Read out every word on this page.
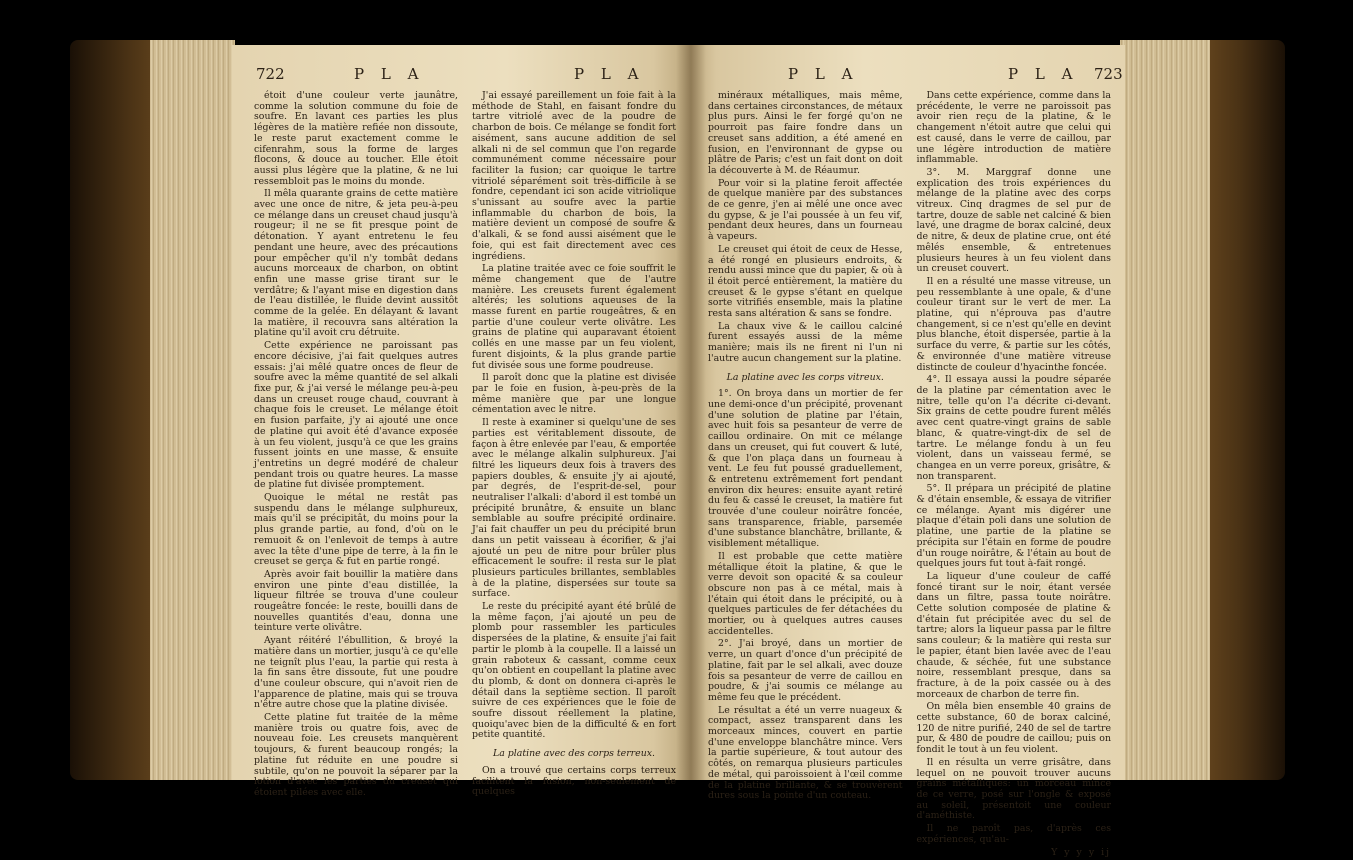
722	P L A	P L A

étoit d'une couleur verte jaunâtre, comme la solution commune du foie de soufre. En lavant ces parties les plus légères de la matière refiée non dissoute, le reste parut exactement comme le cifenrahm, sous la forme de larges flocons, & douce au toucher. Elle étoit aussi plus légère que la platine, & ne lui ressembloit pas le moins du monde.

Il mêla quarante grains de cette matière avec une once de nitre, & jeta peu-à-peu ce mélange dans un creuset chaud jusqu'à rougeur; il ne se fit presque point de détonation. Y ayant entretenu le feu pendant une heure, avec des précautions pour empêcher qu'il n'y tombât dedans aucuns morceaux de charbon, on obtint enfin une masse grise tirant sur le verdâtre; & l'ayant mise en digestion dans de l'eau distillée, le fluide devint aussitôt comme de la gelée. En délayant & lavant la matière, il recouvra sans altération la platine qu'il avoit cru détruite.

Cette expérience ne paroissant pas encore décisive, j'ai fait quelques autres essais: j'ai mêlé quatre onces de fleur de soufre avec la même quantité de sel alkali fixe pur, & j'ai versé le mélange peu-à-peu dans un creuset rouge chaud, couvrant à chaque fois le creuset. Le mélange étoit en fusion parfaite, j'y ai ajouté une once de platine qui avoit été d'avance exposée à un feu violent, jusqu'à ce que les grains fussent joints en une masse, & ensuite j'entretins un degré modéré de chaleur pendant trois ou quatre heures. La masse de platine fut divisée promptement.

Quoique le métal ne restât pas suspendu dans le mélange sulphureux, mais qu'il se précipitât, du moins pour la plus grande partie, au fond, d'où on le remuoit & on l'enlevoit de temps à autre avec la tête d'une pipe de terre, à la fin le creuset se gerça & fut en partie rongé.

Après avoir fait bouillir la matière dans environ une pinte d'eau distillée, la liqueur filtrée se trouva d'une couleur rougeâtre foncée: le reste, bouilli dans de nouvelles quantités d'eau, donna une teinture verte olivâtre.

Ayant réitéré l'ébullition, & broyé la matière dans un mortier, jusqu'à ce qu'elle ne teignît plus l'eau, la partie qui resta à la fin sans être dissoute, fut une poudre d'une couleur obscure, qui n'avoit rien de l'apparence de platine, mais qui se trouva n'être autre chose que la platine divisée.

Cette platine fut traitée de la même manière trois ou quatre fois, avec de nouveau foie. Les creusets manquèrent toujours, & furent beaucoup rongés; la platine fut réduite en une poudre si subtile, qu'on ne pouvoit la séparer par la lotion d'avec les parties du creuset qui étoient pilées avec elle.

J'ai essayé pareillement un foie fait à la méthode de Stahl, en faisant fondre du tartre vitriolé avec de la poudre de charbon de bois. Ce mélange se fondit fort aisément, sans aucune addition de sel alkali ni de sel commun que l'on regarde communément comme nécessaire pour faciliter la fusion; car quoique le tartre vitriolé séparément soit très-difficile à se fondre, cependant ici son acide vitriolique s'unissant au soufre avec la partie inflammable du charbon de bois, la matière devient un composé de soufre & d'alkali, & se fond aussi aisément que le foie, qui est fait directement avec ces ingrédiens.

La platine traitée avec ce foie souffrit le même changement que de l'autre manière. Les creusets furent également altérés; les solutions aqueuses de la masse furent en partie rougeâtres, & en partie d'une couleur verte olivâtre. Les grains de platine qui auparavant étoient collés en une masse par un feu violent, furent disjoints, & la plus grande partie fut divisée sous une forme poudreuse.

Il paroît donc que la platine est divisée par le foie en fusion, à-peu-près de la même manière que par une longue cémentation avec le nitre.

Il reste à examiner si quelqu'une de ses parties est véritablement dissoute, de façon à être enlevée par l'eau, & emportée avec le mélange alkalin sulphureux. J'ai filtré les liqueurs deux fois à travers des papiers doubles, & ensuite j'y ai ajouté, par degrés, de l'esprit-de-sel, pour neutraliser l'alkali: d'abord il est tombé un précipité brunâtre, & ensuite un blanc semblable au soufre précipité ordinaire. J'ai fait chauffer un peu du précipité brun dans un petit vaisseau à écorifier, & j'ai ajouté un peu de nitre pour brûler plus efficacement le soufre: il resta sur le plat plusieurs particules brillantes, semblables à de la platine, dispersées sur toute sa surface.

Le reste du précipité ayant été brûlé de la même façon, j'ai ajouté un peu de plomb pour rassembler les particules dispersées de la platine, & ensuite j'ai fait partir le plomb à la coupelle. Il a laissé un grain raboteux & cassant, comme ceux qu'on obtient en coupellant la platine avec du plomb, & dont on donnera ci-après le détail dans la septième section. Il paroît suivre de ces expériences que le foie de soufre dissout réellement la platine, quoiqu'avec bien de la difficulté & en fort petite quantité.

La platine avec des corps terreux.

On a trouvé que certains corps terreux facilitent la fusion, non-seulement de quelques

P L A	P L A 723

minéraux métalliques, mais même, dans certaines circonstances, de métaux plus purs. Ainsi le fer forgé qu'on ne pourroit pas faire fondre dans un creuset sans addition, a été amené en fusion, en l'environnant de gypse ou plâtre de Paris; c'est un fait dont on doit la découverte à M. de Réaumur.

Pour voir si la platine feroit affectée de quelque manière par des substances de ce genre, j'en ai mêlé une once avec du gypse, & je l'ai poussée à un feu vif, pendant deux heures, dans un fourneau à vapeurs.

Le creuset qui étoit de ceux de Hesse, a été rongé en plusieurs endroits, & rendu aussi mince que du papier, & où à il étoit percé entièrement, la matière du creuset & le gypse s'étant en quelque sorte vitrifiés ensemble, mais la platine resta sans altération & sans se fondre.

La chaux vive & le caillou calciné furent essayés aussi de la même manière; mais ils ne firent ni l'un ni l'autre aucun changement sur la platine.

La platine avec les corps vitreux.

1°. On broya dans un mortier de fer une demi-once d'un précipité, provenant d'une solution de platine par l'étain, avec huit fois sa pesanteur de verre de caillou ordinaire. On mit ce mélange dans un creuset, qui fut couvert & luté, & que l'on plaça dans un fourneau à vent. Le feu fut poussé graduellement, & entretenu extrêmement fort pendant environ dix heures: ensuite ayant retiré du feu & cassé le creuset, la matière fut trouvée d'une couleur noirâtre foncée, sans transparence, friable, parsemée d'une substance blanchâtre, brillante, & visiblement métallique.

Il est probable que cette matière métallique étoit la platine, & que le verre devoit son opacité & sa couleur obscure non pas à ce métal, mais à l'étain qui étoit dans le précipité, ou à quelques particules de fer détachées du mortier, ou à quelques autres causes accidentelles.

2°. J'ai broyé, dans un mortier de verre, un quart d'once d'un précipité de platine, fait par le sel alkali, avec douze fois sa pesanteur de verre de caillou en poudre, & j'ai soumis ce mélange au même feu que le précédent.

Le résultat a été un verre nuageux & compact, assez transparent dans les morceaux minces, couvert en partie d'une enveloppe blanchâtre mince. Vers la partie supérieure, & tout autour des côtés, on remarqua plusieurs particules de métal, qui paroissoient à l'œil comme de la platine brillante, & se trouvèrent dures sous la pointe d'un couteau.

Dans cette expérience, comme dans la précédente, le verre ne paroissoit pas avoir rien reçu de la platine, & le changement n'étoit autre que celui qui est causé, dans le verre de caillou, par une légère introduction de matière inflammable.

3°. M. Marggraf donne une explication des trois expériences du mélange de la platine avec des corps vitreux. Cinq dragmes de sel pur de tartre, douze de sable net calciné & bien lavé, une dragme de borax calciné, deux de nitre, & deux de platine crue, ont été mêlés ensemble, & entretenues plusieurs heures à un feu violent dans un creuset couvert.

Il en a résulté une masse vitreuse, un peu ressemblante à une opale, & d'une couleur tirant sur le vert de mer. La platine, qui n'éprouva pas d'autre changement, si ce n'est qu'elle en devint plus blanche, étoit dispersée, partie à la surface du verre, & partie sur les côtés, & environnée d'une matière vitreuse distincte de couleur d'hyacinthe foncée.

4°. Il essaya aussi la poudre séparée de la platine par cémentation avec le nitre, telle qu'on l'a décrite ci-devant. Six grains de cette poudre furent mêlés avec cent quatre-vingt grains de sable blanc, & quatre-vingt-dix de sel de tartre. Le mélange fondu à un feu violent, dans un vaisseau fermé, se changea en un verre poreux, grisâtre, & non transparent.

5°. Il prépara un précipité de platine & d'étain ensemble, & essaya de vitrifier ce mélange. Ayant mis digérer une plaque d'étain poli dans une solution de platine, une partie de la platine se précipita sur l'étain en forme de poudre d'un rouge noirâtre, & l'étain au bout de quelques jours fut tout à-fait rongé.

La liqueur d'une couleur de caffé foncé tirant sur le noir, étant versée dans un filtre, passa toute noirâtre. Cette solution composée de platine & d'étain fut précipitée avec du sel de tartre; alors la liqueur passa par le filtre sans couleur; & la matière qui resta sur le papier, étant bien lavée avec de l'eau chaude, & séchée, fut une substance noire, ressemblant presque, dans sa fracture, à de la poix cassée ou à des morceaux de charbon de terre fin.

On mêla bien ensemble 40 grains de cette substance, 60 de borax calciné, 120 de nitre purifié, 240 de sel de tartre pur, & 480 de poudre de caillou; puis on fondit le tout à un feu violent.

Il en résulta un verre grisâtre, dans lequel on ne pouvoit trouver aucuns grains métalliques: un morceau mince de ce verre, posé sur l'ongle & exposé au soleil, présentoit une couleur d'améthiste.

Il ne paroît pas, d'après ces expériences, qu'au-

Y y y y ij
